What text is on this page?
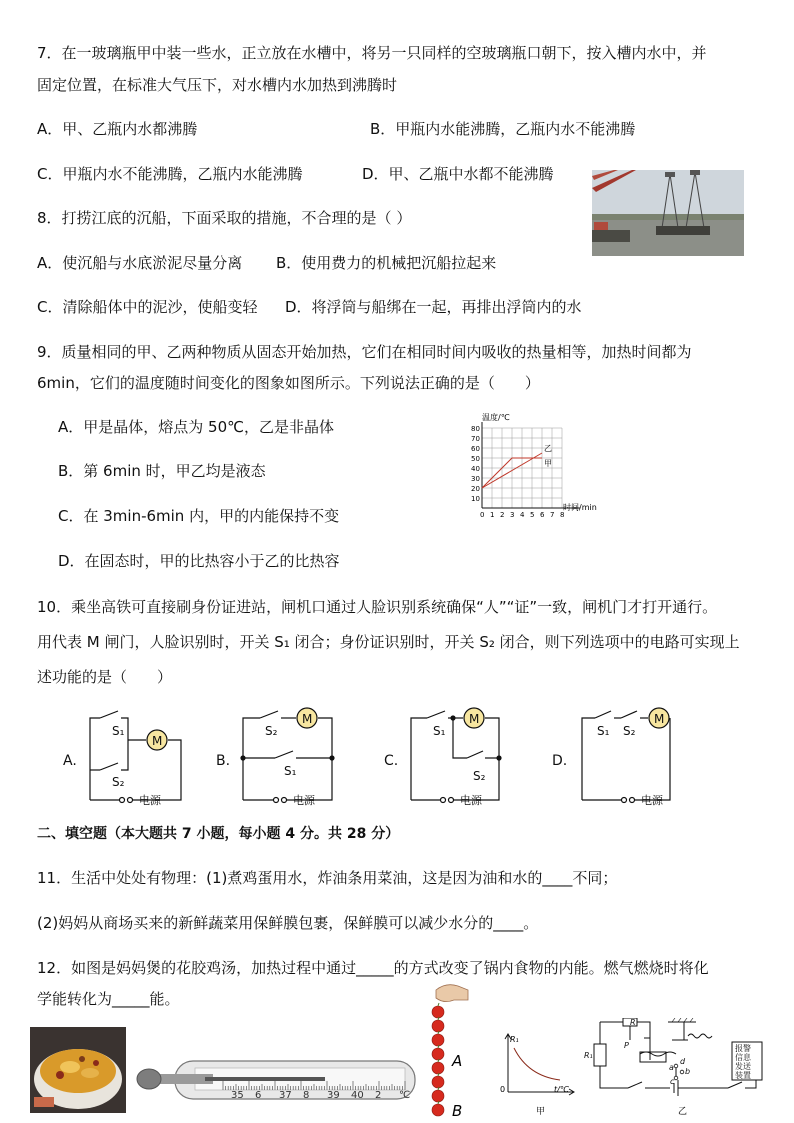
7．在一玻璃瓶甲中装一些水，正立放在水槽中，将另一只同样的空玻璃瓶口朝下，按入槽内水中，并
固定位置，在标准大气压下，对水槽内水加热到沸腾时
A．甲、乙瓶内水都沸腾	B．甲瓶内水能沸腾，乙瓶内水不能沸腾
C．甲瓶内水不能沸腾，乙瓶内水能沸腾	D．甲、乙瓶中水都不能沸腾
8．打捞江底的沉船，下面采取的措施，不合理的是（ ）
A．使沉船与水底淤泥尽量分离 B．使用费力的机械把沉船拉起来
C．清除船体中的泥沙，使船变轻 D．将浮筒与船绑在一起，再排出浮筒内的水
9．质量相同的甲、乙两种物质从固态开始加热，它们在相同时间内吸收的热量相等，加热时间都为
6min，它们的温度随时间变化的图象如图所示。下列说法正确的是（　　）
A．甲是晶体，熔点为 50℃，乙是非晶体
B．第 6min 时，甲乙均是液态
C．在 3min-6min 内，甲的内能保持不变
D．在固态时，甲的比热容小于乙的比热容
乙
甲
0 1 2 3 4 5 6 7 8
10
20
30
40
50
60
70
80
温度/℃
时间/min
10．乘坐高铁可直接刷身份证进站，闸机口通过人脸识别系统确保“人”“证”一致，闸机门才打开通行。
用代表 M 闸门，人脸识别时，开关 S₁ 闭合；身份证识别时，开关 S₂ 闭合，则下列选项中的电路可实现上
述功能的是（　　）
S₁
S₂
M
电源
A.
S₂
S₁
M
电源
B.
S₁
S₂
M
电源
C.
S₁ S₂
M
电源
D.
二、填空题（本大题共 7 小题，每小题 4 分。共 28 分）
11．生活中处处有物理：(1)煮鸡蛋用水，炸油条用菜油，这是因为油和水的____不同；
(2)妈妈从商场买来的新鲜蔬菜用保鲜膜包裹，保鲜膜可以减少水分的____。
12．如图是妈妈煲的花胶鸡汤，加热过程中通过_____的方式改变了锅内食物的内能。燃气燃烧时将化
学能转化为_____能。
35 6 37 8 39 40 2 ℃
A
B
R₁
0	t/℃
甲
R
P
R₁
a b
c
d
报警
信息
发送
装置
乙
